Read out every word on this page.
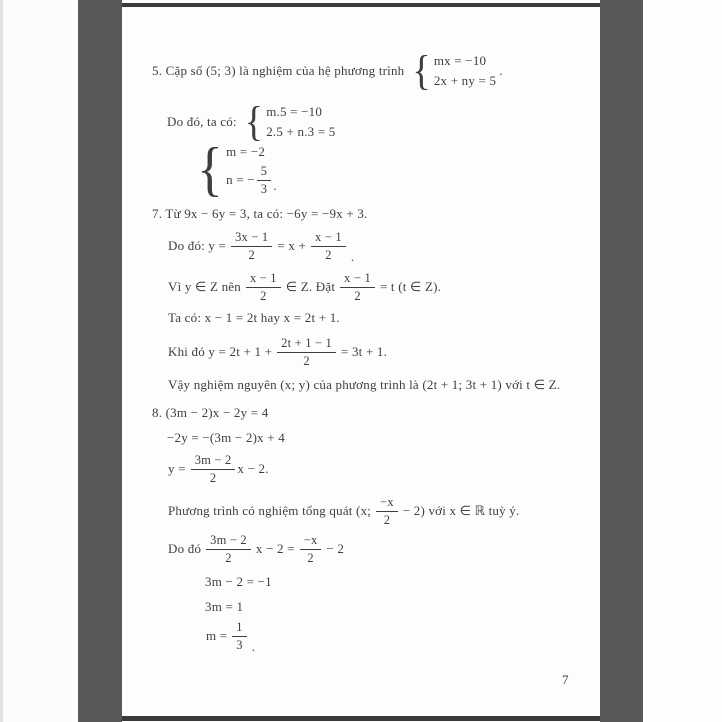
5. Cặp số (5; 3) là nghiệm của hệ phương trình { mx = −10
2x + ny = 5
.
Do đó, ta có: { m.5 = −10
2.5 + n.3 = 5
{ m = −2
n = − $\frac{5}{3}$ .
7. Từ 9x − 6y = 3, ta có: −6y = −9x + 3.
Do đó: $y = \frac{3x - 1}{2} = x + \frac{x - 1}{2}$ .
Vì y ∈ Z nên $\frac{x - 1}{2}$ ∈ Z. Đặt $\frac{x - 1}{2} = t$ (t ∈ Z).
Ta có: x − 1 = 2t hay x = 2t + 1.
Khi đó $y = 2t + 1 + \frac{2t + 1 - 1}{2} = 3t + 1$.
Vậy nghiệm nguyên (x; y) của phương trình là (2t + 1; 3t + 1) với t ∈ Z.
8. (3m − 2)x − 2y = 4
−2y = −(3m − 2)x + 4
$y = \frac{3m - 2}{2}$ x − 2.
Phương trình có nghiệm tổng quát (x; $\frac{-x}{2} - 2$) với x ∈ ℝ tuỳ ý.
Do đó $\frac{3m - 2}{2}$ $x - 2 = \frac{-x}{2} - 2$
3m − 2 = −1
3m = 1
$m = \frac{1}{3}$ .
7
